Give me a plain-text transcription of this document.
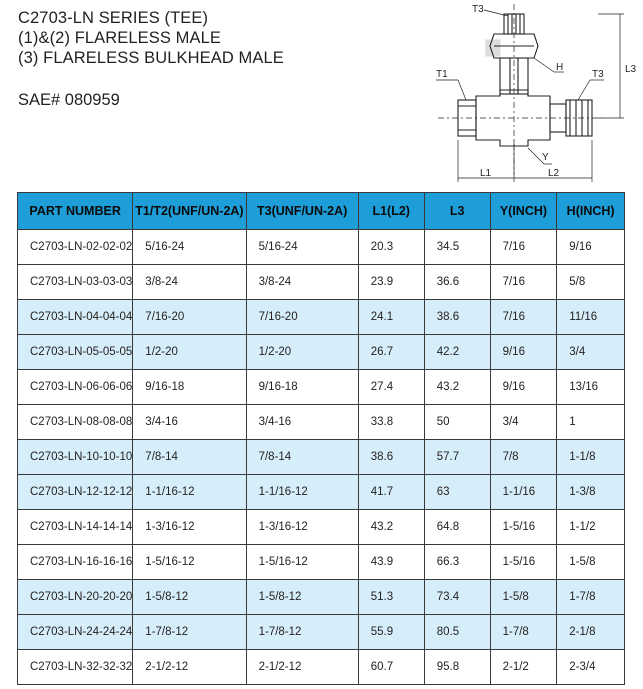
C2703-LN SERIES (TEE)
(1)&(2) FLARELESS MALE
(3) FLARELESS BULKHEAD MALE
SAE# 080959
T3
T1
H
T3 L3
Y
L1	L2
PART NUMBER	T1/T2(UNF/UN-2A)	T3(UNF/UN-2A)	L1(L2)	L3	Y(INCH)	H(INCH)
C2703-LN-02-02-02	5/16-24	5/16-24	20.3	34.5	7/16	9/16
C2703-LN-03-03-03	3/8-24	3/8-24	23.9	36.6	7/16	5/8
C2703-LN-04-04-04	7/16-20	7/16-20	24.1	38.6	7/16	11/16
C2703-LN-05-05-05	1/2-20	1/2-20	26.7	42.2	9/16	3/4
C2703-LN-06-06-06	9/16-18	9/16-18	27.4	43.2	9/16	13/16
C2703-LN-08-08-08	3/4-16	3/4-16	33.8	50	3/4	1
C2703-LN-10-10-10	7/8-14	7/8-14	38.6	57.7	7/8	1-1/8
C2703-LN-12-12-12	1-1/16-12	1-1/16-12	41.7	63	1-1/16	1-3/8
C2703-LN-14-14-14	1-3/16-12	1-3/16-12	43.2	64.8	1-5/16	1-1/2
C2703-LN-16-16-16	1-5/16-12	1-5/16-12	43.9	66.3	1-5/16	1-5/8
C2703-LN-20-20-20	1-5/8-12	1-5/8-12	51.3	73.4	1-5/8	1-7/8
C2703-LN-24-24-24	1-7/8-12	1-7/8-12	55.9	80.5	1-7/8	2-1/8
C2703-LN-32-32-32	2-1/2-12	2-1/2-12	60.7	95.8	2-1/2	2-3/4
